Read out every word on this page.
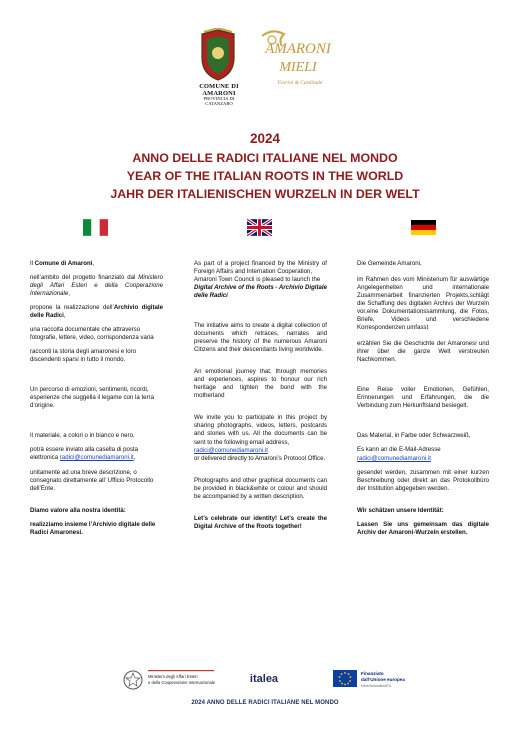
COMUNE DI
AMARONI
PROVINCIA DI
CATANZARO
AMARONI
MIELI
Fiorini & Cardinale
2024
ANNO DELLE RADICI ITALIANE NEL MONDO
YEAR OF THE ITALIAN ROOTS IN THE WORLD
JAHR DER ITALIENISCHEN WURZELN IN DER WELT

Il Comune di Amaroni,

nell’ambito del progetto finanziato dal Ministero degli Affari Esteri e della Cooperazione Internazionale,

propone la realizzazione dell’Archivio digitale delle Radici,

una raccolta documentale che attraverso fotografie, lettere, video, corrispondenza varia

racconti la storia degli amaronesi e loro discendenti sparsi in tutto il mondo.

Un percorso di emozioni, sentimenti, ricordi, esperienze che suggella il legame con la terra d’origine.

Il materiale, a colori o in bianco e nero,

potrà essere inviato alla casella di posta elettronica radici@comunediamaroni.it,

unitamente ad una breve descrizione, o consegnato direttamente all’ Ufficio Protocollo dell’Ente.

Diamo valore alla nostra identità:

realizziamo insieme l’Archivio digitale delle Radici Amaronesi.

As part of a project financed by the Ministry of Foreign Affairs and Internation Cooperation,

Amaroni Town Council is pleased to launch the

Digital Archive of the Roots - Archivio Digitale delle Radici

The initiative aims to create a digital collection of documents which retraces, narrates and preserve the history of the numerous Amaroni Citizens and their descendants living worldwide.

An emotional journey that, through memories and experiences, aspires to honour our rich heritage and tighten the bond with the motherland

We invite you to participate in this project by sharing photographs, videos, letters, postcards and stories with us. All the documents can be sent to the following email address,

radici@comunediamaroni.it

or delivered directly to Amaroni’s Protocol Office.

Photographs and other graphical documents can be provided in black&white or colour and should be accompanied by a written description.

Let’s celebrate our identity! Let’s create the Digital Archive of the Roots together!

Die Gemeinde Amaroni,

im Rahmen des vom Ministerium für auswärtige Angelegenheiten und internationale Zusammenarbeit finanzierten Projekts,schlägt die Schaffung des digitalen Archivs der Wurzeln vor,eine Dokumentationssammlung, die Fotos, Briefe, Videos und verschiedene Korrespondenzen umfasst

erzählen Sie die Geschichte der Amaronesi und ihrer über die ganze Welt verstreuten Nachkommen.

Eine Reise voller Emotionen, Gefühlen, Erinnerungen und Erfahrungen, die die Verbindung zum Herkunftsland besiegelt.

Das Material, in Farbe oder Schwarzweiß,

Es kann an die E-Mail-Adresse

radici@comunediamaroni.it

gesendet werden, zusammen mit einer kurzen Beschreibung oder direkt an das Protokollbüro der Institution abgegeben werden.

Wir schätzen unsere Identität:

Lassen Sie uns gemeinsam das digitale Archiv der Amaroni-Wurzeln erstellen.

Ministero degli Affari Esteri
e della Cooperazione Internazionale	italea	Finanziato
dall’Unione europea
NextGenerationEU
2024 ANNO DELLE RADICI ITALIANE NEL MONDO
